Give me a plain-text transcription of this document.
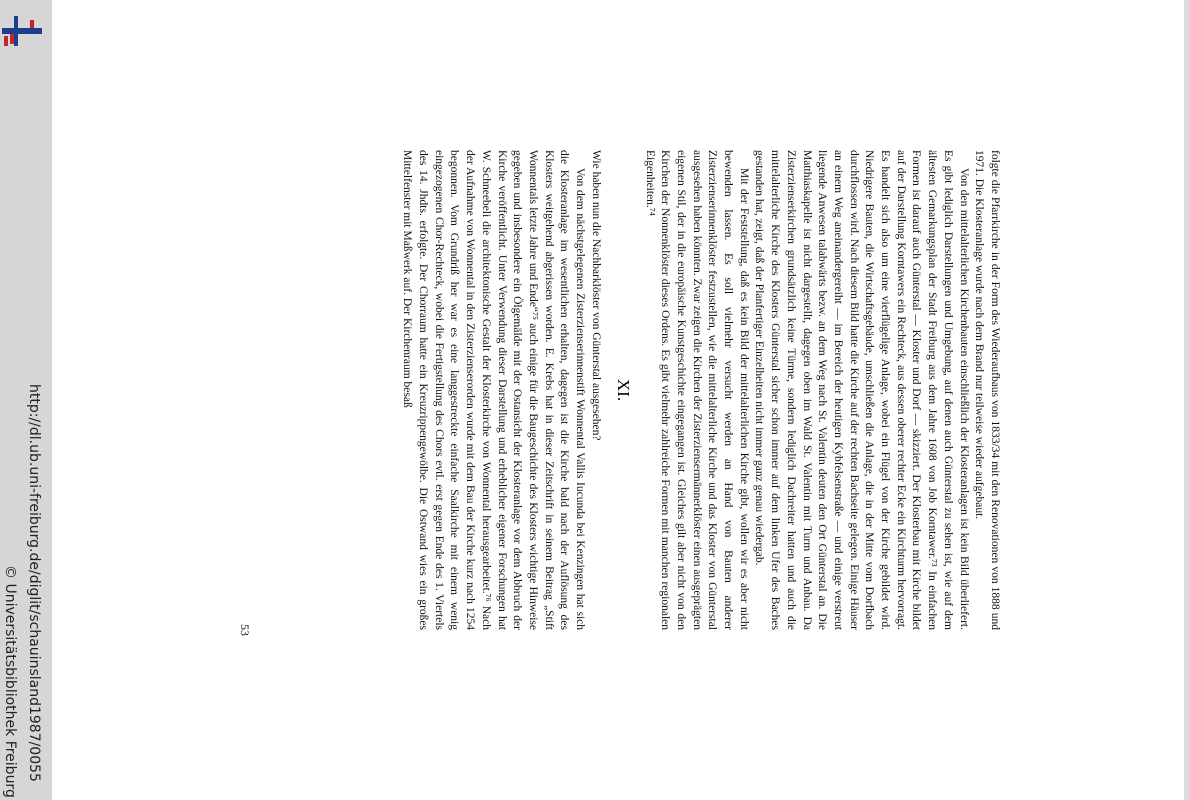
http://dl.ub.uni-freiburg.de/diglit/schauinsland1987/0055
© Universitätsbibliothek Freiburg

folgte die Pfarrkirche in der Form des Wiederaufbaus von 1833/34 mit den Renovationen von 1888 und 1971. Die Klosteranlage wurde nach dem Brand nur teilweise wieder aufgebaut.

Von den mittelalterlichen Kirchenbauten einschließlich der Klosteranlagen ist kein Bild überliefert. Es gibt lediglich Darstellungen und Umgebung, auf denen auch Günterstal zu sehen ist, wie auf dem ältesten Gemarkungsplan der Stadt Freiburg aus dem Jahre 1608 von Job Korntawer.⁷³ In einfachen Formen ist darauf auch Günterstal — Kloster und Dorf — skizziert. Der Klosterbau mit Kirche bildet auf der Darstellung Korntawers ein Rechteck, aus dessen oberer rechter Ecke ein Kirchturm hervorragt. Es handelt sich also um eine vierflügelige Anlage, wobei ein Flügel von der Kirche gebildet wird. Niedrigere Bauten, die Wirtschaftsgebäude, umschließen die Anlage, die in der Mitte vom Dorfbach durchflossen wird. Nach diesem Bild hatte die Kirche auf der rechten Bachseite gelegen. Einige Häuser an einem Weg aneinandergereiht — im Bereich der heutigen Kybfelsenstraße — und einige verstreut liegende Anwesen talabwärts bezw. an dem Weg nach St. Valentin deuten den Ort Günterstal an. Die Matthiaskapelle ist nicht dargestellt, dagegen oben im Wald St. Valentin mit Turm und Anbau. Da Zisterzienserkirchen grundsätzlich keine Türme, sondern lediglich Dachreiter hatten und auch die mittelalterliche Kirche des Klosters Günterstal sicher schon immer auf dem linken Ufer des Baches gestanden hat, zeigt, daß der Planfertiger Einzelheiten nicht immer ganz genau wiedergab.

Mit der Feststellung, daß es kein Bild der mittelalterlichen Kirche gibt, wollen wir es aber nicht bewenden lassen. Es soll vielmehr versucht werden an Hand von Bauten anderer Zisterzienserinnenklöster festzustellen, wie die mittelalterliche Kirche und das Kloster von Günterstal ausgesehen haben könnten. Zwar zeigen die Kirchen der Zisterziensermännerklöster einen ausgeprägten eigenen Stil, der in die europäische Kunstgeschichte eingegangen ist. Gleiches gilt aber nicht von den Kirchen der Nonnenklöster dieses Ordens. Es gibt vielmehr zahlreiche Formen mit manchen regionalen Eigenheiten.⁷⁴

XI.

Wie haben nun die Nachbarklöster von Günterstal ausgesehen?

Von dem nächstgelegenen Zisterzienserinnenstift Wonnental Vallis Iucunda bei Kenzingen hat sich die Klosteranlage im wesentlichen erhalten, dagegen ist die Kirche bald nach der Auflösung des Klosters weitgehend abgerissen worden. E. Krebs hat in dieser Zeitschrift in seinem Beitrag „Stift Wonnentals letzte Jahre und Ende“⁷⁵ auch einige für die Baugeschichte des Klosters wichtige Hinweise gegeben und insbesondere ein Ölgemälde mit der Ostansicht der Klosteranlage vor dem Abbruch der Kirche veröffentlicht. Unter Verwendung dieser Darstellung und erheblicher eigener Forschungen hat W. Schneebeli die architektonische Gestalt der Klosterkirche von Wonnental herausgearbeitet.⁷⁶ Nach der Aufnahme von Wonnental in den Zisterzienserorden wurde mit dem Bau der Kirche kurz nach 1254 begonnen. Vom Grundriß her war es eine langgestreckte einfache Saalkirche mit einem wenig eingezogenen Chor-Rechteck, wobei die Fertigstellung des Chors evtl. erst gegen Ende des 1. Viertels des 14. Jhdts. erfolgte. Der Chorraum hatte ein Kreuzrippengewölbe. Die Ostwand wies ein großes Mittelfenster mit Maßwerk auf. Der Kirchenraum besaß

53
